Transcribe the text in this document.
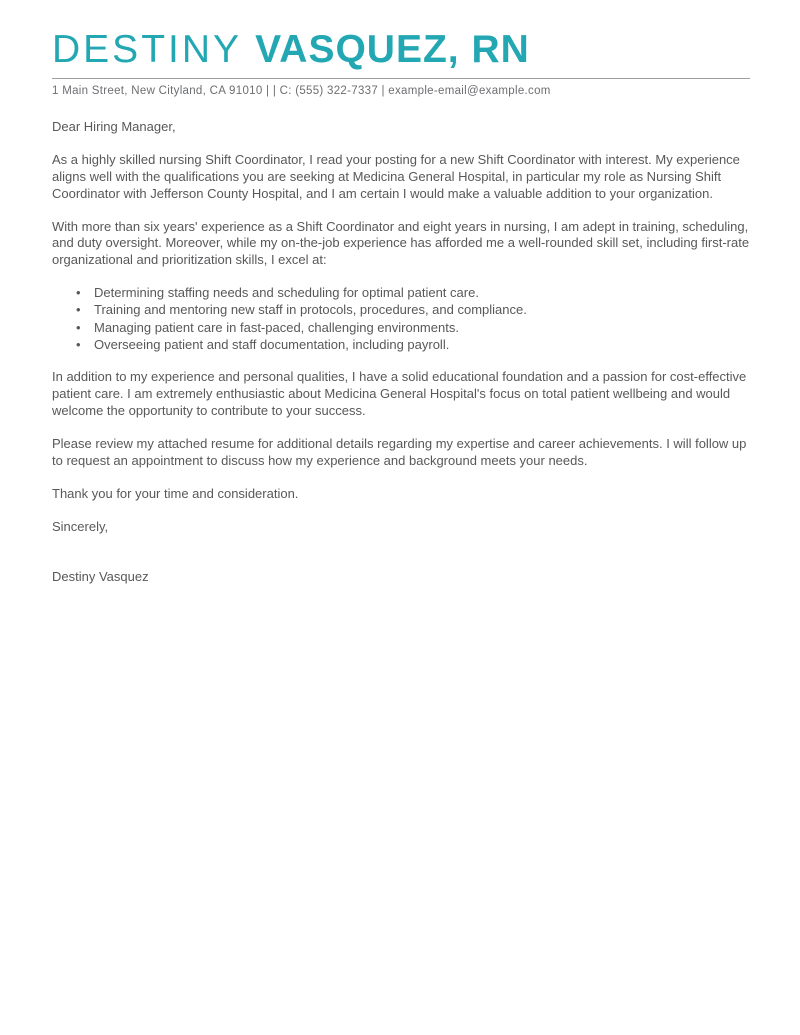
DESTINY VASQUEZ, RN
1 Main Street, New Cityland, CA 91010 | | C: (555) 322-7337 | example-email@example.com

Dear Hiring Manager,

As a highly skilled nursing Shift Coordinator, I read your posting for a new Shift Coordinator with interest. My experience aligns well with the qualifications you are seeking at Medicina General Hospital, in particular my role as Nursing Shift Coordinator with Jefferson County Hospital, and I am certain I would make a valuable addition to your organization.

With more than six years' experience as a Shift Coordinator and eight years in nursing, I am adept in training, scheduling, and duty oversight. Moreover, while my on-the-job experience has afforded me a well-rounded skill set, including first-rate organizational and prioritization skills, I excel at:

• Determining staffing needs and scheduling for optimal patient care.
• Training and mentoring new staff in protocols, procedures, and compliance.
• Managing patient care in fast-paced, challenging environments.
• Overseeing patient and staff documentation, including payroll.

In addition to my experience and personal qualities, I have a solid educational foundation and a passion for cost-effective patient care. I am extremely enthusiastic about Medicina General Hospital's focus on total patient wellbeing and would welcome the opportunity to contribute to your success.

Please review my attached resume for additional details regarding my expertise and career achievements. I will follow up to request an appointment to discuss how my experience and background meets your needs.

Thank you for your time and consideration.

Sincerely,

Destiny Vasquez
